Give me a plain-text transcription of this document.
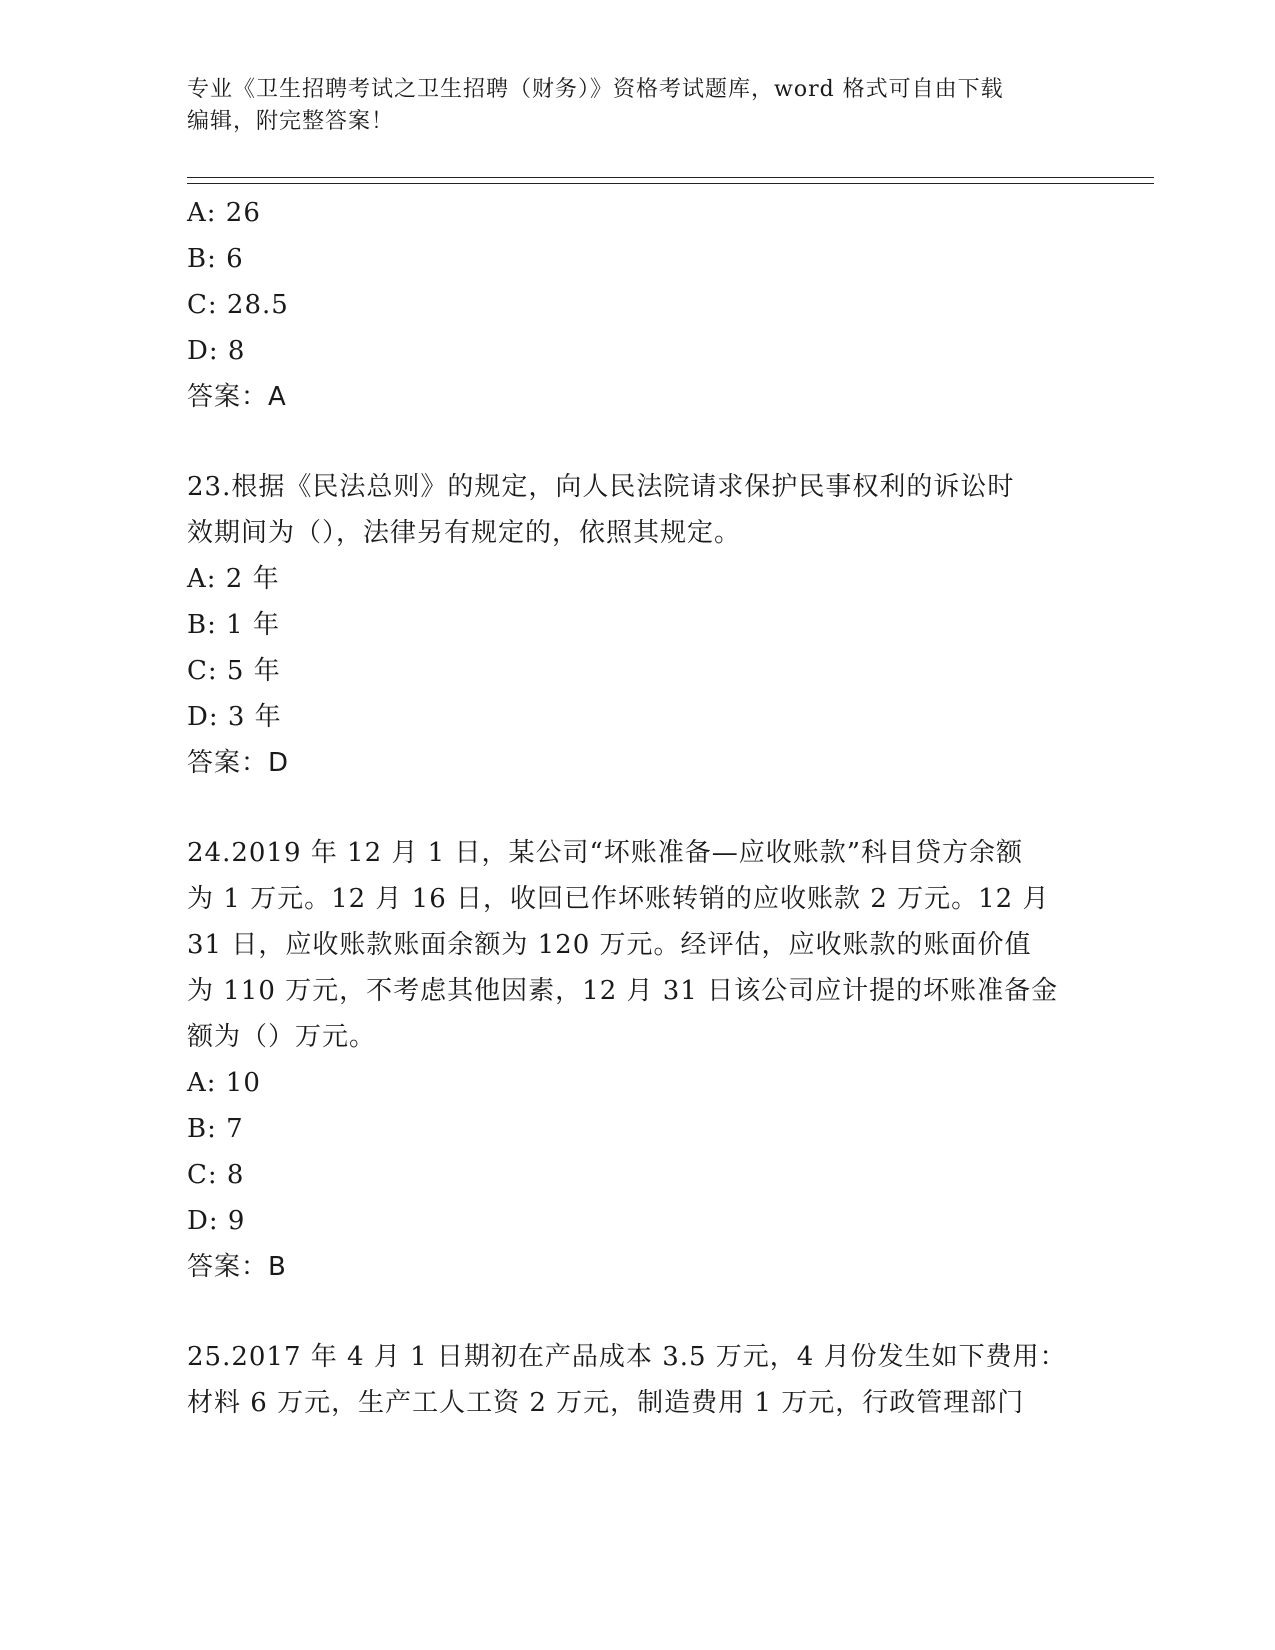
专业《卫生招聘考试之卫生招聘（财务）》资格考试题库，word 格式可自由下载
编辑，附完整答案！
A: 26
B: 6
C: 28.5
D: 8
答案：A
23.根据《民法总则》的规定，向人民法院请求保护民事权利的诉讼时
效期间为（），法律另有规定的，依照其规定。
A: 2 年
B: 1 年
C: 5 年
D: 3 年
答案：D
24.2019 年 12 月 1 日，某公司“坏账准备—应收账款”科目贷方余额
为 1 万元。12 月 16 日，收回已作坏账转销的应收账款 2 万元。12 月
31 日，应收账款账面余额为 120 万元。经评估，应收账款的账面价值
为 110 万元，不考虑其他因素，12 月 31 日该公司应计提的坏账准备金
额为（）万元。
A: 10
B: 7
C: 8
D: 9
答案：B
25.2017 年 4 月 1 日期初在产品成本 3.5 万元，4 月份发生如下费用：
材料 6 万元，生产工人工资 2 万元，制造费用 1 万元，行政管理部门
